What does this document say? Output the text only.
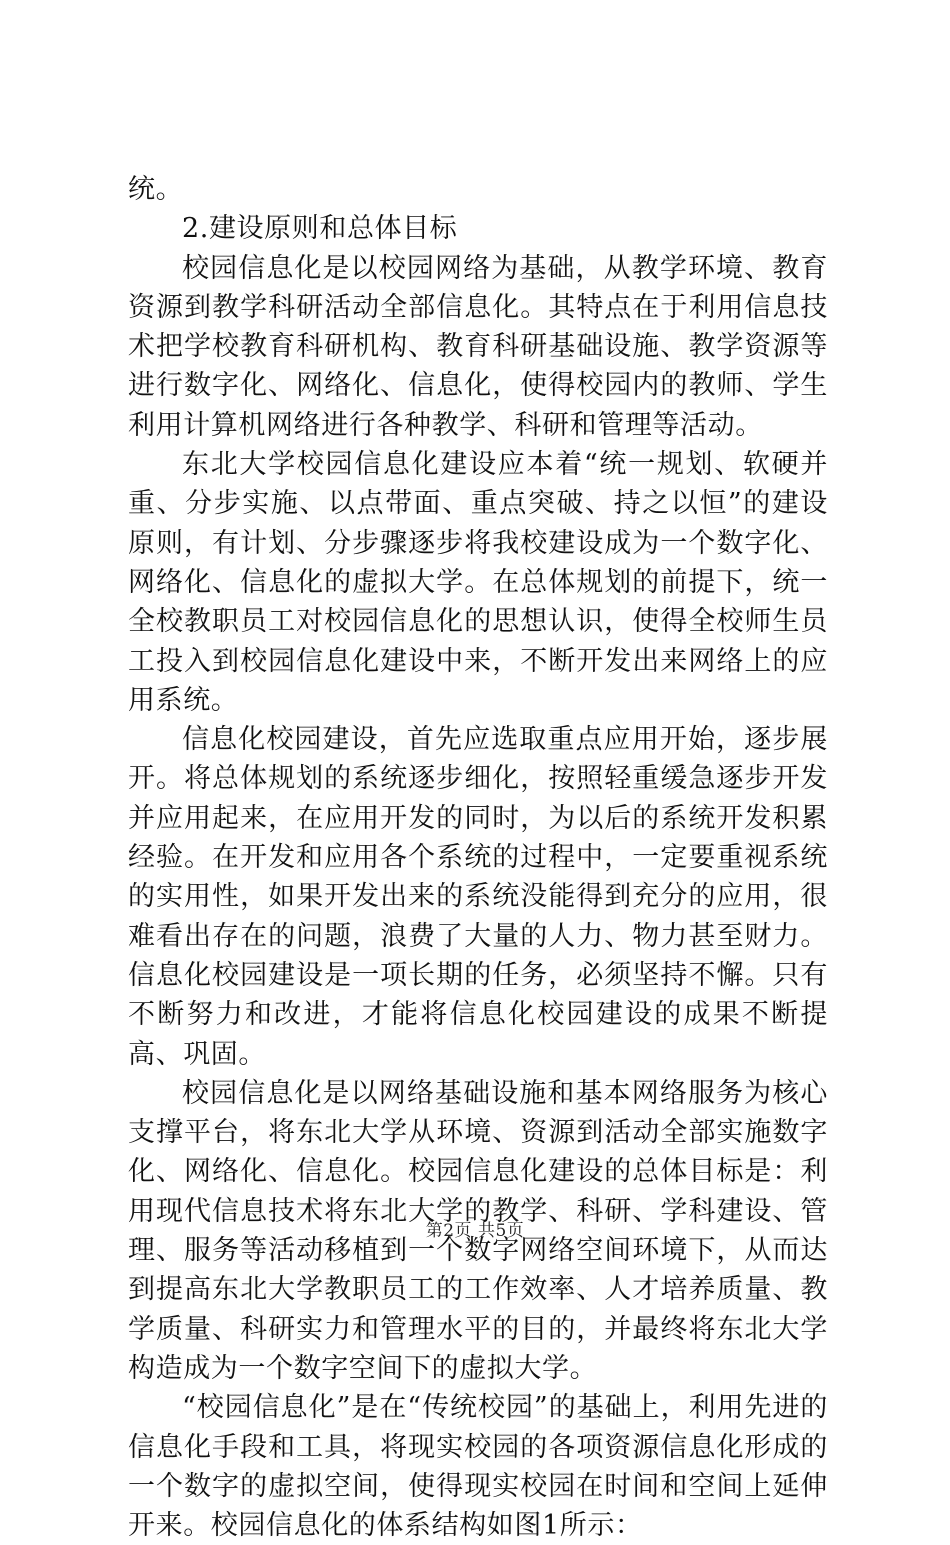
统。

2.建设原则和总体目标

校园信息化是以校园网络为基础，从教学环境、教育资源到教学科研活动全部信息化。其特点在于利用信息技术把学校教育科研机构、教育科研基础设施、教学资源等进行数字化、网络化、信息化，使得校园内的教师、学生利用计算机网络进行各种教学、科研和管理等活动。

东北大学校园信息化建设应本着“统一规划、软硬并重、分步实施、以点带面、重点突破、持之以恒”的建设原则，有计划、分步骤逐步将我校建设成为一个数字化、网络化、信息化的虚拟大学。在总体规划的前提下，统一全校教职员工对校园信息化的思想认识，使得全校师生员工投入到校园信息化建设中来，不断开发出来网络上的应用系统。

信息化校园建设，首先应选取重点应用开始，逐步展开。将总体规划的系统逐步细化，按照轻重缓急逐步开发并应用起来，在应用开发的同时，为以后的系统开发积累经验。在开发和应用各个系统的过程中，一定要重视系统的实用性，如果开发出来的系统没能得到充分的应用，很难看出存在的问题，浪费了大量的人力、物力甚至财力。信息化校园建设是一项长期的任务，必须坚持不懈。只有不断努力和改进，才能将信息化校园建设的成果不断提高、巩固。

校园信息化是以网络基础设施和基本网络服务为核心支撑平台，将东北大学从环境、资源到活动全部实施数字化、网络化、信息化。校园信息化建设的总体目标是：利用现代信息技术将东北大学的教学、科研、学科建设、管理、服务等活动移植到一个数字网络空间环境下，从而达到提高东北大学教职员工的工作效率、人才培养质量、教学质量、科研实力和管理水平的目的，并最终将东北大学构造成为一个数字空间下的虚拟大学。

“校园信息化”是在“传统校园”的基础上，利用先进的信息化手段和工具，将现实校园的各项资源信息化形成的一个数字的虚拟空间，使得现实校园在时间和空间上延伸开来。校园信息化的体系结构如图1所示：

第2页 共5页
